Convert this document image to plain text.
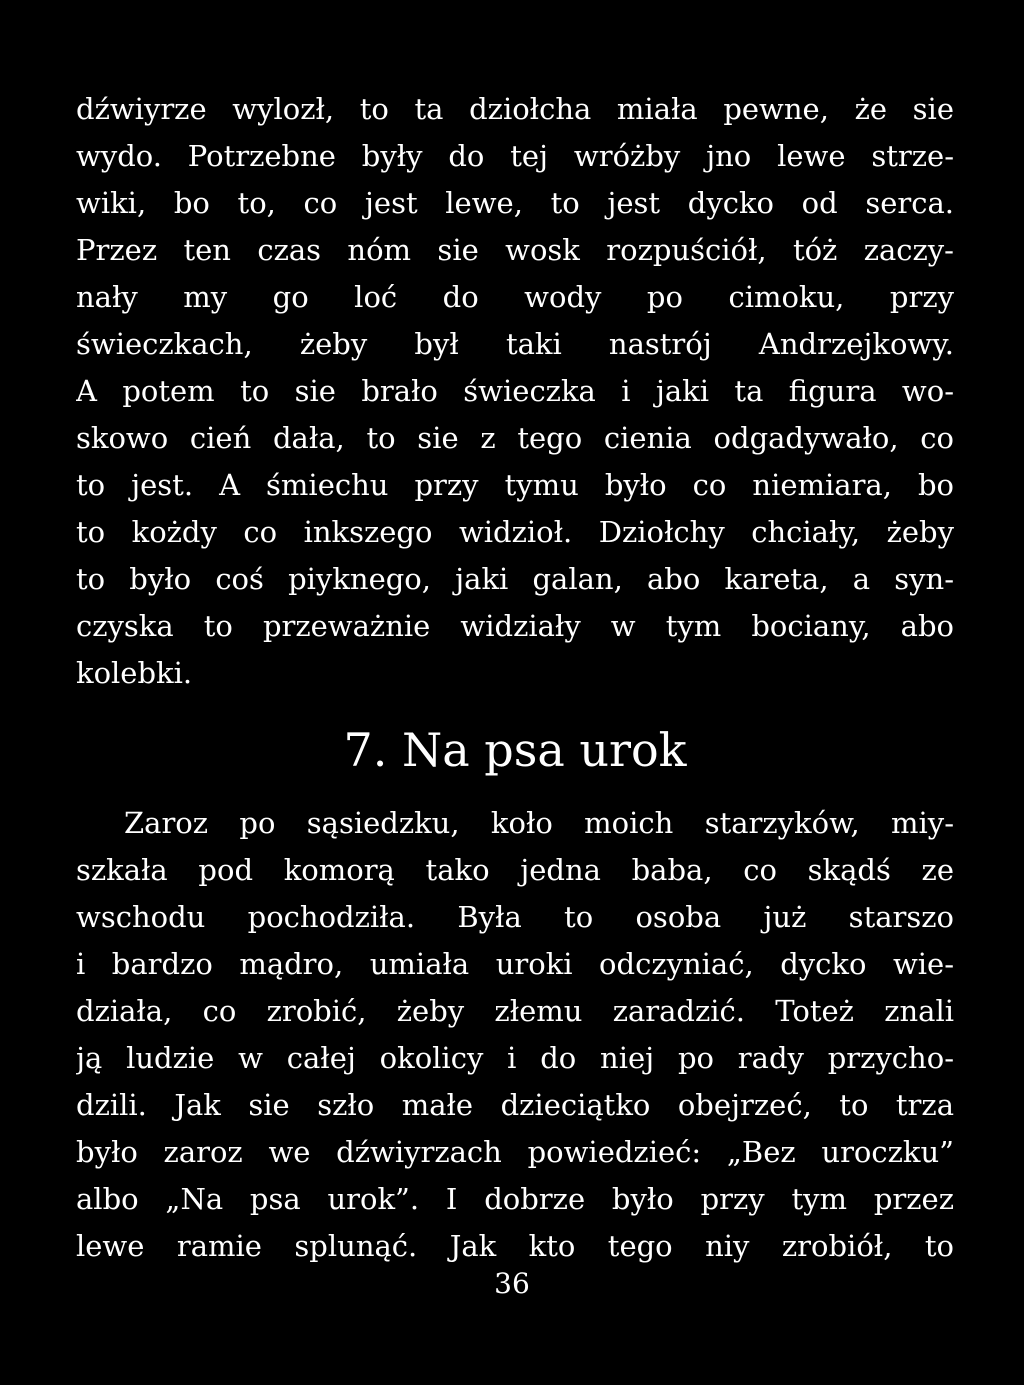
dźwiyrze wylozł, to ta dziołcha miała pewne, że sie
wydo. Potrzebne były do tej wróżby jno lewe strze-
wiki, bo to, co jest lewe, to jest dycko od serca.
Przez ten czas nóm sie wosk rozpuściół, tóż zaczy-
nały my go loć do wody po cimoku, przy
świeczkach, żeby był taki nastrój Andrzejkowy.
A potem to sie brało świeczka i jaki ta figura wo-
skowo cień dała, to sie z tego cienia odgadywało, co
to jest. A śmiechu przy tymu było co niemiara, bo
to kożdy co inkszego widzioł. Dziołchy chciały, żeby
to było coś piyknego, jaki galan, abo kareta, a syn-
czyska to przeważnie widziały w tym bociany, abo
kolebki.
7. Na psa urok
Zaroz po sąsiedzku, koło moich starzyków, miy-
szkała pod komorą tako jedna baba, co skądś ze
wschodu pochodziła. Była to osoba już starszo
i bardzo mądro, umiała uroki odczyniać, dycko wie-
działa, co zrobić, żeby złemu zaradzić. Toteż znali
ją ludzie w całej okolicy i do niej po rady przycho-
dzili. Jak sie szło małe dzieciątko obejrzeć, to trza
było zaroz we dźwiyrzach powiedzieć: „Bez uroczku”
albo „Na psa urok”. I dobrze było przy tym przez
lewe ramie splunąć. Jak kto tego niy zrobiół, to
36
